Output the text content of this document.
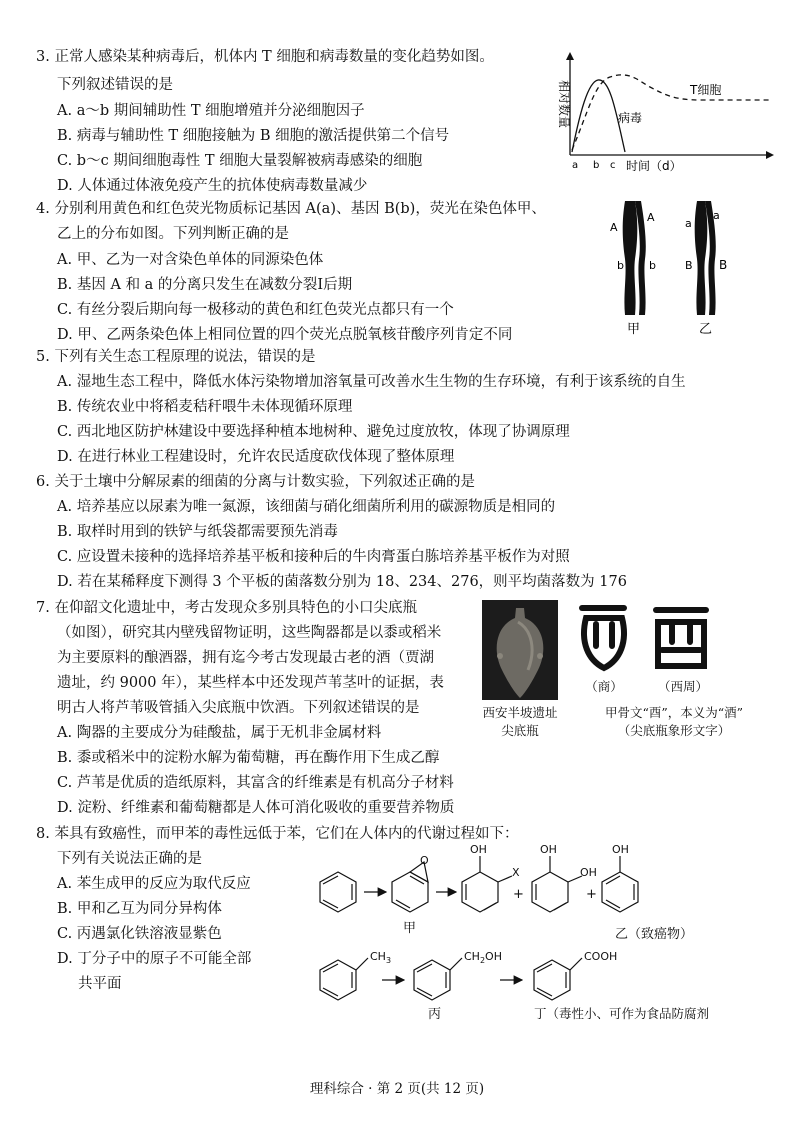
3. 正常人感染某种病毒后，机体内 T 细胞和病毒数量的变化趋势如图。
下列叙述错误的是
A. a～b 期间辅助性 T 细胞增殖并分泌细胞因子
B. 病毒与辅助性 T 细胞接触为 B 细胞的激活提供第二个信号
C. b～c 期间细胞毒性 T 细胞大量裂解被病毒感染的细胞
D. 人体通过体液免疫产生的抗体使病毒数量减少
相对数量	T细胞
病毒
a b c 时间（d）
4. 分别利用黄色和红色荧光物质标记基因 A(a)、基因 B(b)，荧光在染色体甲、
乙上的分布如图。下列判断正确的是
A. 甲、乙为一对含染色单体的同源染色体
B. 基因 A 和 a 的分离只发生在减数分裂Ⅰ后期
C. 有丝分裂后期向每一极移动的黄色和红色荧光点都只有一个
D. 甲、乙两条染色体上相同位置的四个荧光点脱氧核苷酸序列肯定不同
A
A
b b
甲
a
a
B B
乙
5. 下列有关生态工程原理的说法，错误的是
A. 湿地生态工程中，降低水体污染物增加溶氧量可改善水生生物的生存环境，有利于该系统的自生
B. 传统农业中将稻麦秸秆喂牛未体现循环原理
C. 西北地区防护林建设中要选择种植本地树种、避免过度放牧，体现了协调原理
D. 在进行林业工程建设时，允许农民适度砍伐体现了整体原理
6. 关于土壤中分解尿素的细菌的分离与计数实验，下列叙述正确的是
A. 培养基应以尿素为唯一氮源，该细菌与硝化细菌所利用的碳源物质是相同的
B. 取样时用到的铁铲与纸袋都需要预先消毒
C. 应设置未接种的选择培养基平板和接种后的牛肉膏蛋白胨培养基平板作为对照
D. 若在某稀释度下测得 3 个平板的菌落数分别为 18、234、276，则平均菌落数为 176
7. 在仰韶文化遗址中，考古发现众多别具特色的小口尖底瓶
（如图），研究其内壁残留物证明，这些陶器都是以黍或稻米
为主要原料的酿酒器，拥有迄今考古发现最古老的酒（贾湖
遗址，约 9000 年），某些样本中还发现芦苇茎叶的证据，表
明古人将芦苇吸管插入尖底瓶中饮酒。下列叙述错误的是
A. 陶器的主要成分为硅酸盐，属于无机非金属材料
B. 黍或稻米中的淀粉水解为葡萄糖，再在酶作用下生成乙醇
C. 芦苇是优质的造纸原料，其富含的纤维素是有机高分子材料
D. 淀粉、纤维素和葡萄糖都是人体可消化吸收的重要营养物质
西安半坡遗址
尖底瓶
（商）	（西周）
甲骨文“酉”，本义为“酒”
（尖底瓶象形文字）
8. 苯具有致癌性，而甲苯的毒性远低于苯，它们在人体内的代谢过程如下：
下列有关说法正确的是
A. 苯生成甲的反应为取代反应
B. 甲和乙互为同分异构体
C. 丙遇氯化铁溶液显紫色
D. 丁分子中的原子不可能全部
共平面
O
OH
X
+
OH
OH
+
OH
甲	乙（致癌物）
$CH_3$	$CH_2OH$	COOH
丙	丁（毒性小、可作为食品防腐剂
理科综合 · 第 2 页(共 12 页)
